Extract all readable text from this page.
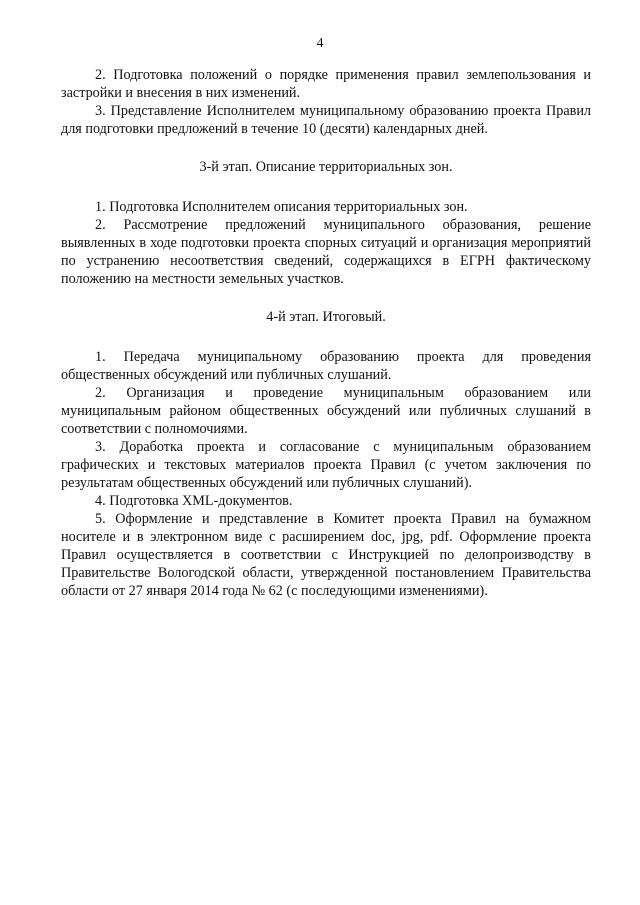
4

2. Подготовка положений о порядке применения правил землепользования и застройки и внесения в них изменений.

3. Представление Исполнителем муниципальному образованию проекта Правил для подготовки предложений в течение 10 (десяти) календарных дней.

3-й этап. Описание территориальных зон.

1. Подготовка Исполнителем описания территориальных зон.

2. Рассмотрение предложений муниципального образования, решение выявленных в ходе подготовки проекта спорных ситуаций и организация мероприятий по устранению несоответствия сведений, содержащихся в ЕГРН фактическому положению на местности земельных участков.

4-й этап. Итоговый.

1. Передача муниципальному образованию проекта для проведения общественных обсуждений или публичных слушаний.

2. Организация и проведение муниципальным образованием или муниципальным районом общественных обсуждений или публичных слушаний в соответствии с полномочиями.

3. Доработка проекта и согласование с муниципальным образованием графических и текстовых материалов проекта Правил (с учетом заключения по результатам общественных обсуждений или публичных слушаний).

4. Подготовка XML-документов.

5. Оформление и представление в Комитет проекта Правил на бумажном носителе и в электронном виде с расширением doc, jpg, pdf. Оформление проекта Правил осуществляется в соответствии с Инструкцией по делопроизводству в Правительстве Вологодской области, утвержденной постановлением Правительства области от 27 января 2014 года № 62 (с последующими изменениями).
